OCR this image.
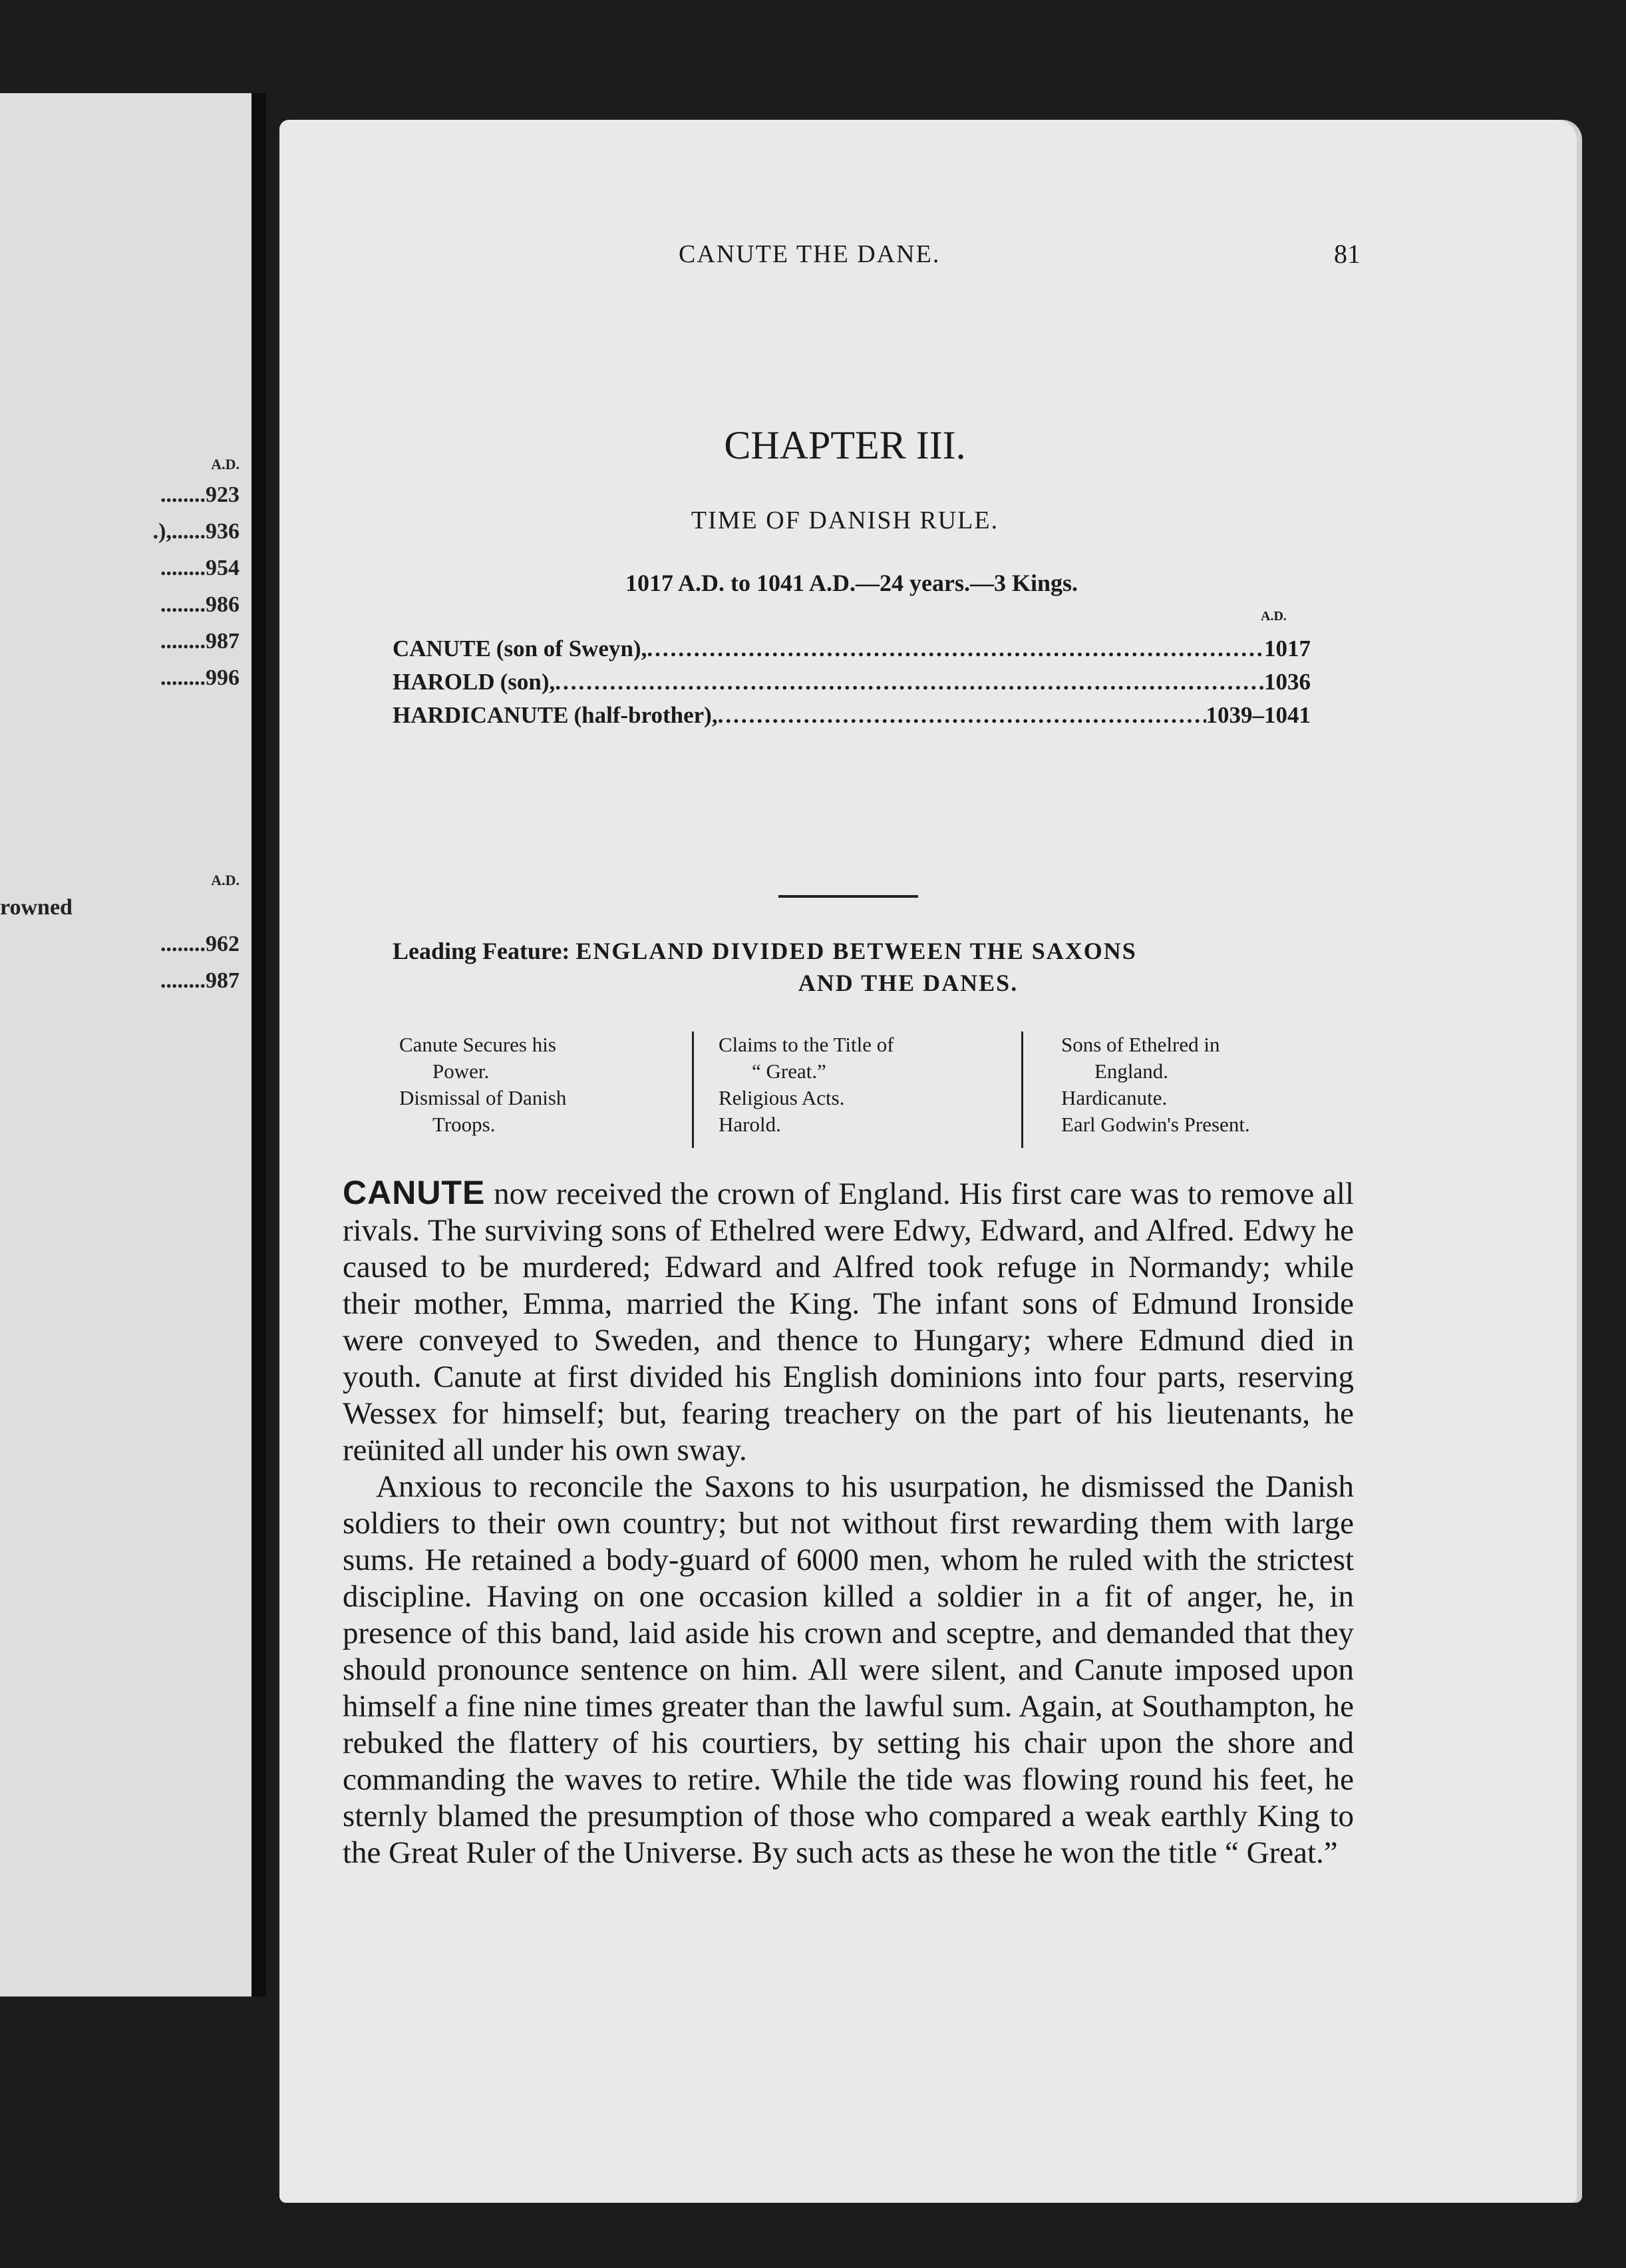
A.D.
........923
.),......936
........954
........986
........987
........996
A.D.
rowned
........962
........987
CANUTE THE DANE.	81
CHAPTER III.
TIME OF DANISH RULE.
1017 A.D. to 1041 A.D.—24 years.—3 Kings.
A.D.
CANUTE (son of Sweyn), .....	1017
HAROLD (son), .....	1036
HARDICANUTE (half-brother), .....	1039–1041
Leading Feature: ENGLAND DIVIDED BETWEEN THE SAXONS
AND THE DANES.
Canute Secures his
Power.
Dismissal of Danish
Troops.
Claims to the Title of
“ Great.”
Religious Acts.
Harold.
Sons of Ethelred in
England.
Hardicanute.
Earl Godwin's Present.

CANUTE now received the crown of England. His first care was to remove all rivals. The surviving sons of Ethelred were Edwy, Edward, and Alfred. Edwy he caused to be murdered; Edward and Alfred took refuge in Normandy; while their mother, Emma, married the King. The infant sons of Edmund Ironside were conveyed to Sweden, and thence to Hungary; where Edmund died in youth. Canute at first divided his English dominions into four parts, reserving Wessex for himself; but, fearing treachery on the part of his lieutenants, he reünited all under his own sway.

Anxious to reconcile the Saxons to his usurpation, he dismissed the Danish soldiers to their own country; but not without first rewarding them with large sums. He retained a body-guard of 6000 men, whom he ruled with the strictest discipline. Having on one occasion killed a soldier in a fit of anger, he, in presence of this band, laid aside his crown and sceptre, and demanded that they should pronounce sentence on him. All were silent, and Canute imposed upon himself a fine nine times greater than the lawful sum. Again, at Southampton, he rebuked the flattery of his courtiers, by setting his chair upon the shore and commanding the waves to retire. While the tide was flowing round his feet, he sternly blamed the presumption of those who compared a weak earthly King to the Great Ruler of the Universe. By such acts as these he won the title “ Great.”
